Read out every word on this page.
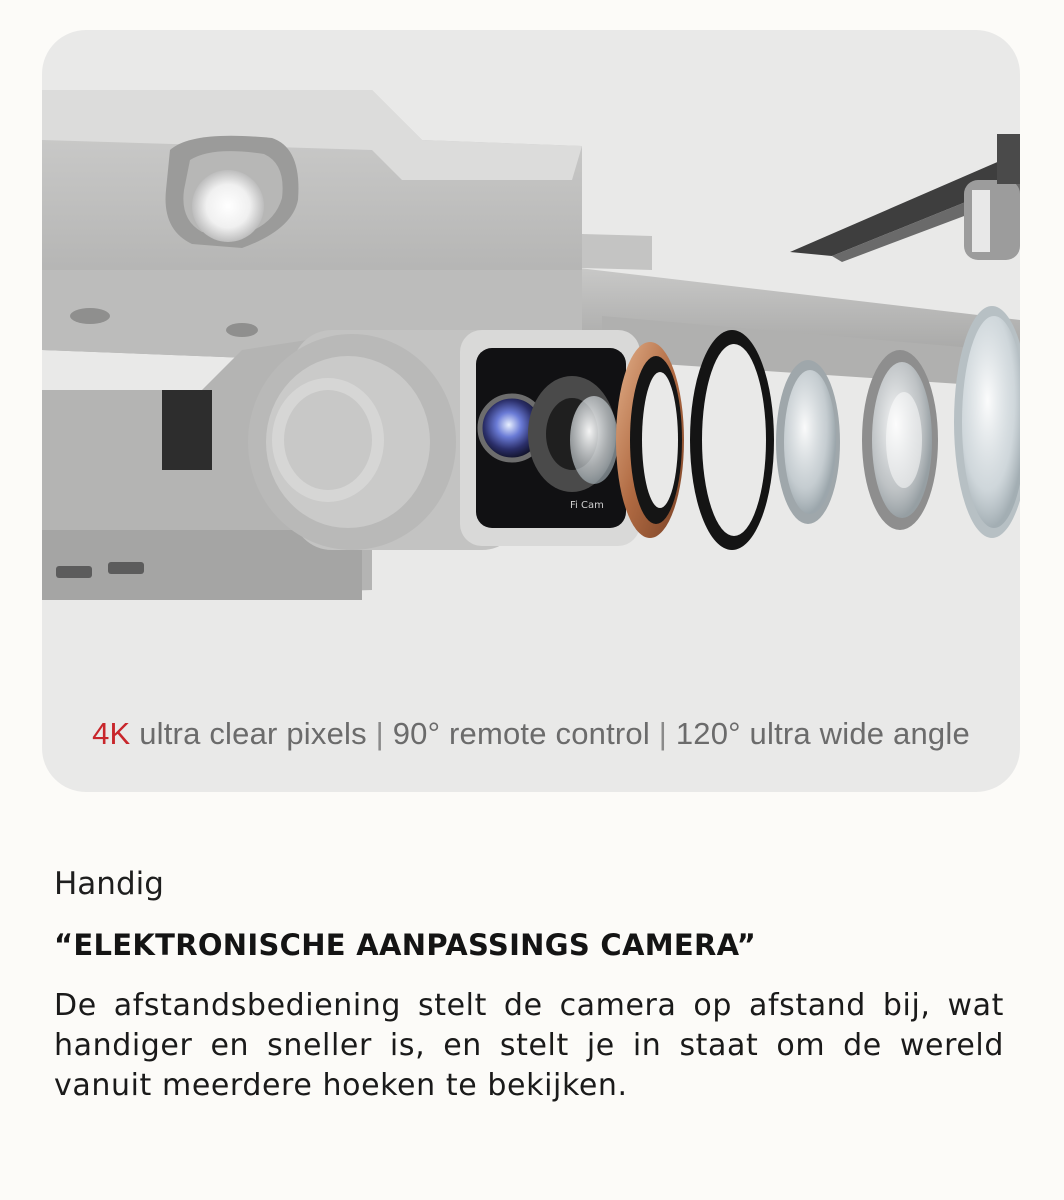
Fi Cam
4K ultra clear pixels | 90° remote control | 120° ultra wide angle
Handig
“ELEKTRONISCHE AANPASSINGS CAMERA”
De afstandsbediening stelt de camera op afstand bij, wat handiger en sneller is, en stelt je in staat om de wereld vanuit meerdere hoeken te bekijken.
